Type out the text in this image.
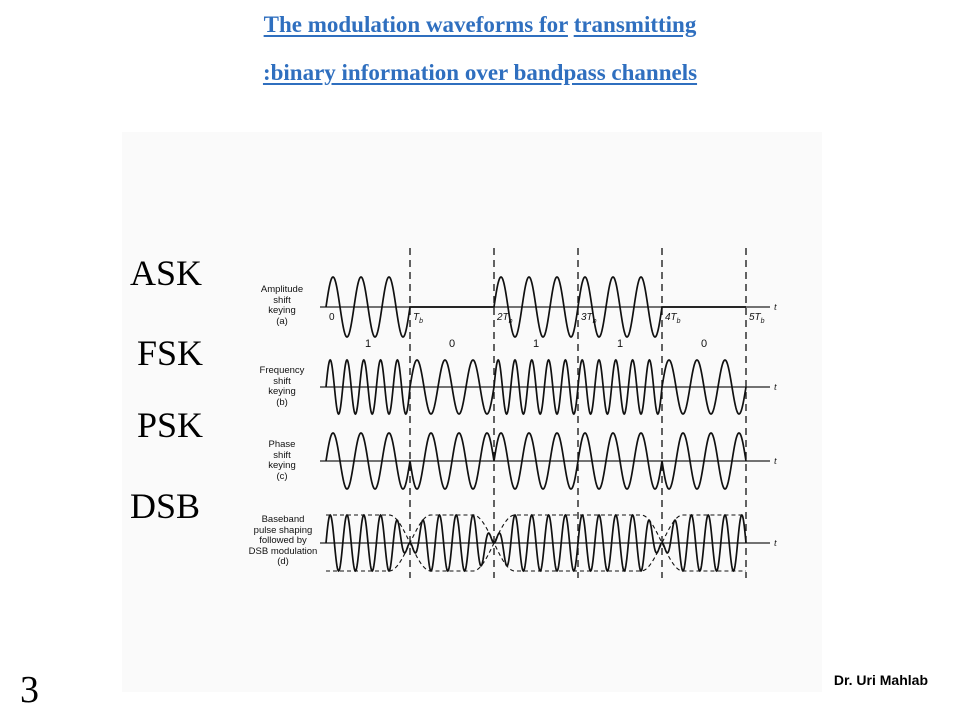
The modulation waveforms for transmitting
:binary information over bandpass channels
ASK
FSK
PSK
DSB
Amplitude
shift
keying
(a)
Frequency
shift
keying
(b)
Phase
shift
keying
(c)
Baseband
pulse shaping
followed by
DSB modulation
(d)
t
t
t
t
0	$T_b$	$2T_b$	$3T_b$	$4T_b$	$5T_b$
1	0	1	1	0
Dr. Uri Mahlab
3
